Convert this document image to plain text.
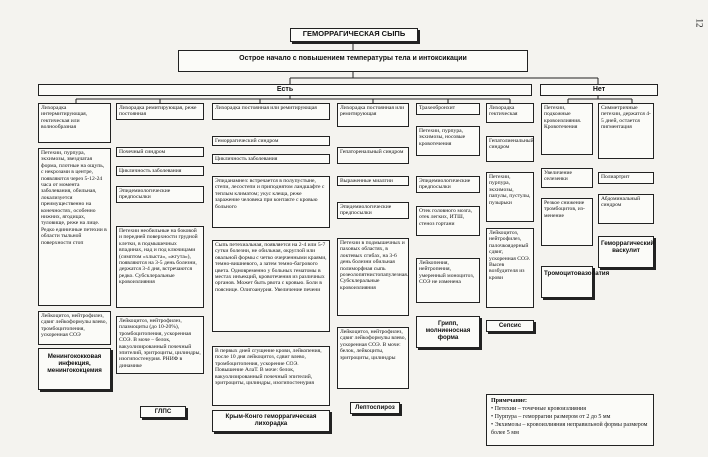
12
ГЕМОРРАГИЧЕСКАЯ СЫПЬ
Острое начало с повышением температуры тела и интоксикации
Есть	Нет
Лихорадка интермитирующая, гектическая или волнообразная
Петехии, пурпура, экхимозы, звездчатая форма, плотные на ощупь, с некрозами в центре, появляются через 5-12-24 часа от момента заболевания, обильная, локализуется преимущественно на конечностях, особенно нижних, ягодицах, туловище, реже на лице. Редко единичные петехии в области тыльной поверхности стоп
Лейкоцитоз, нейтрофилез, сдвиг лейкоформулы влево, тромбоцитопения, ускоренная СОЭ
Менингококковая инфекция, менингококцемия
Лихорадка ремитирующая, реже постоянная
Почечный синдром
Цикличность заболевания
Эпидемиологические предпосылки
Петехии необильные на боковой и передней поверхности грудной клетки, в подмышечных впадинах, над и под ключицами (симптом «хлыста», «жгута»), появляются на 3-5 день болезни, держатся 3-4 дня, встречаются редко. Субсклеральные кровоизлияния
Лейкоцитоз, нейтрофилез, плазмоциты (до 10-20%), тромбоцитопения, ускоренная СОЭ. В моче – белок, вакуолизированный почечный эпителий, эритроциты, цилиндры, изогипостенурия. РНИФ в динамике
ГЛПС
Лихорадка постоянная или ремитирующая
Геморрагический синдром
Цикличность заболевания
Эпиданамнез: встречается в полупустыне, степи, лесостепи и приподнятом ландшафте с теплым климатом; укус клеща, реже заражение человека при контакте с кровью больного
Сыпь петехиальная, появляется на 2-4 или 5-7 сутки болезни, не обильная, округлой или овальной формы с четко очерченными краями, темно-вишневого, а затем темно-багрового цвета. Одновременно у больных гематомы в местах инъекций, кровотечения из различных органов. Может быть рвота с кровью. Боли в пояснице. Олигоанурия. Увеличение печени
В первых дней сгущение крови, лейкопения, после 10 дня лейкоцитоз, сдвиг влево, тромбоцитопения, ускорение СОЭ. Повышение АлаТ. В моче: белок, вакуолизированный почечный эпителий, эритроциты, цилиндры, изогипостенурия
Крым-Конго геморрагическая лихорадка
Лихорадка постоянная или ремитирующая
Гепаторенальный синдром
Выраженные миалгии
Эпидемиологические предпосылки
Петехии в подмышечных и паховых областях, в локтевых сгибах, на 3-6 день болезни обильная полиморфная сыпь розеолопятнистопапулезная. Субсклеральные кровоизлияния
Лейкоцитоз, нейтрофилез, сдвиг лейкоформулы влево, ускоренная СОЭ. В моче: белок, лейкоциты, эритроциты, цилиндры
Лептоспироз
Трахеобронхит
Петехии, пурпура, экхимозы, носовые кровотечения
Эпидемиологические предпосылки
Отек головного мозга, отек легких, ИТШ, стеноз гортани
Лейкопения, нейтропения, умеренный моноцитоз, СОЭ не изменена
Грипп, молниеносная форма
Лихорадка гектическая
Гепатолиенальный синдром
Петехии, пурпура, экхимозы, папулы, пустулы, пузырьки
Лейкоцитоз, нейтрофилез, палочкоядерный сдвиг, ускоренная СОЭ. Высев возбудителя из крови
Сепсис
Петехии, подкожные кровоизлияния. Кровотечения
Увеличение селезенки
Резкое снижение тромбоцитов, из-менение
Тромоцитовазопатия
Симметричные петехии, держатся 4-5 дней, остается пигментация
Полиартрит
Абдоминальный синдром
Геморрагический васкулит
Примечание:
• Петехии – точечные кровоизлияния
• Пурпура – геморрагии размером от 2 до 5 мм
• Экхимозы – кровоизлияния неправильной формы размером более 5 мм
